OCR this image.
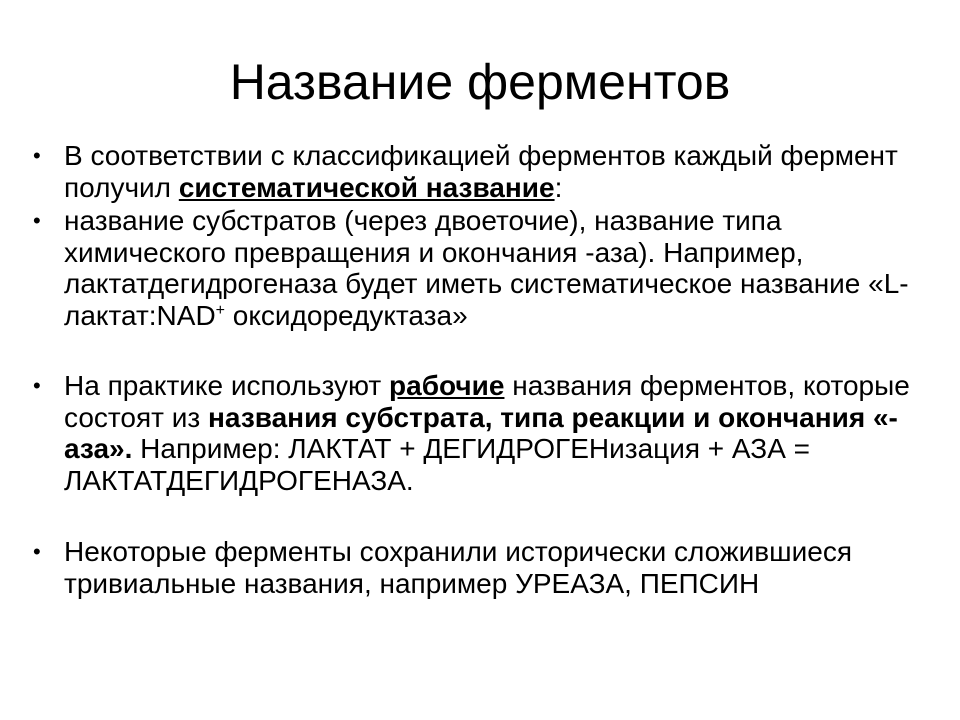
Название ферментов
• В соответствии с классификацией ферментов каждый фермент получил систематической название:
• название субстратов (через двоеточие), название типа химического превращения и окончания -аза). Например, лактатдегидрогеназа будет иметь систематическое название «L-лактат:NAD+ оксидоредуктаза»
• На практике используют рабочие названия ферментов, которые состоят из названия субстрата, типа реакции и окончания «-аза». Например: ЛАКТАТ + ДЕГИДРОГЕНизация + АЗА = ЛАКТАТДЕГИДРОГЕНАЗА.
• Некоторые ферменты сохранили исторически сложившиеся тривиальные названия, например УРЕАЗА, ПЕПСИН
